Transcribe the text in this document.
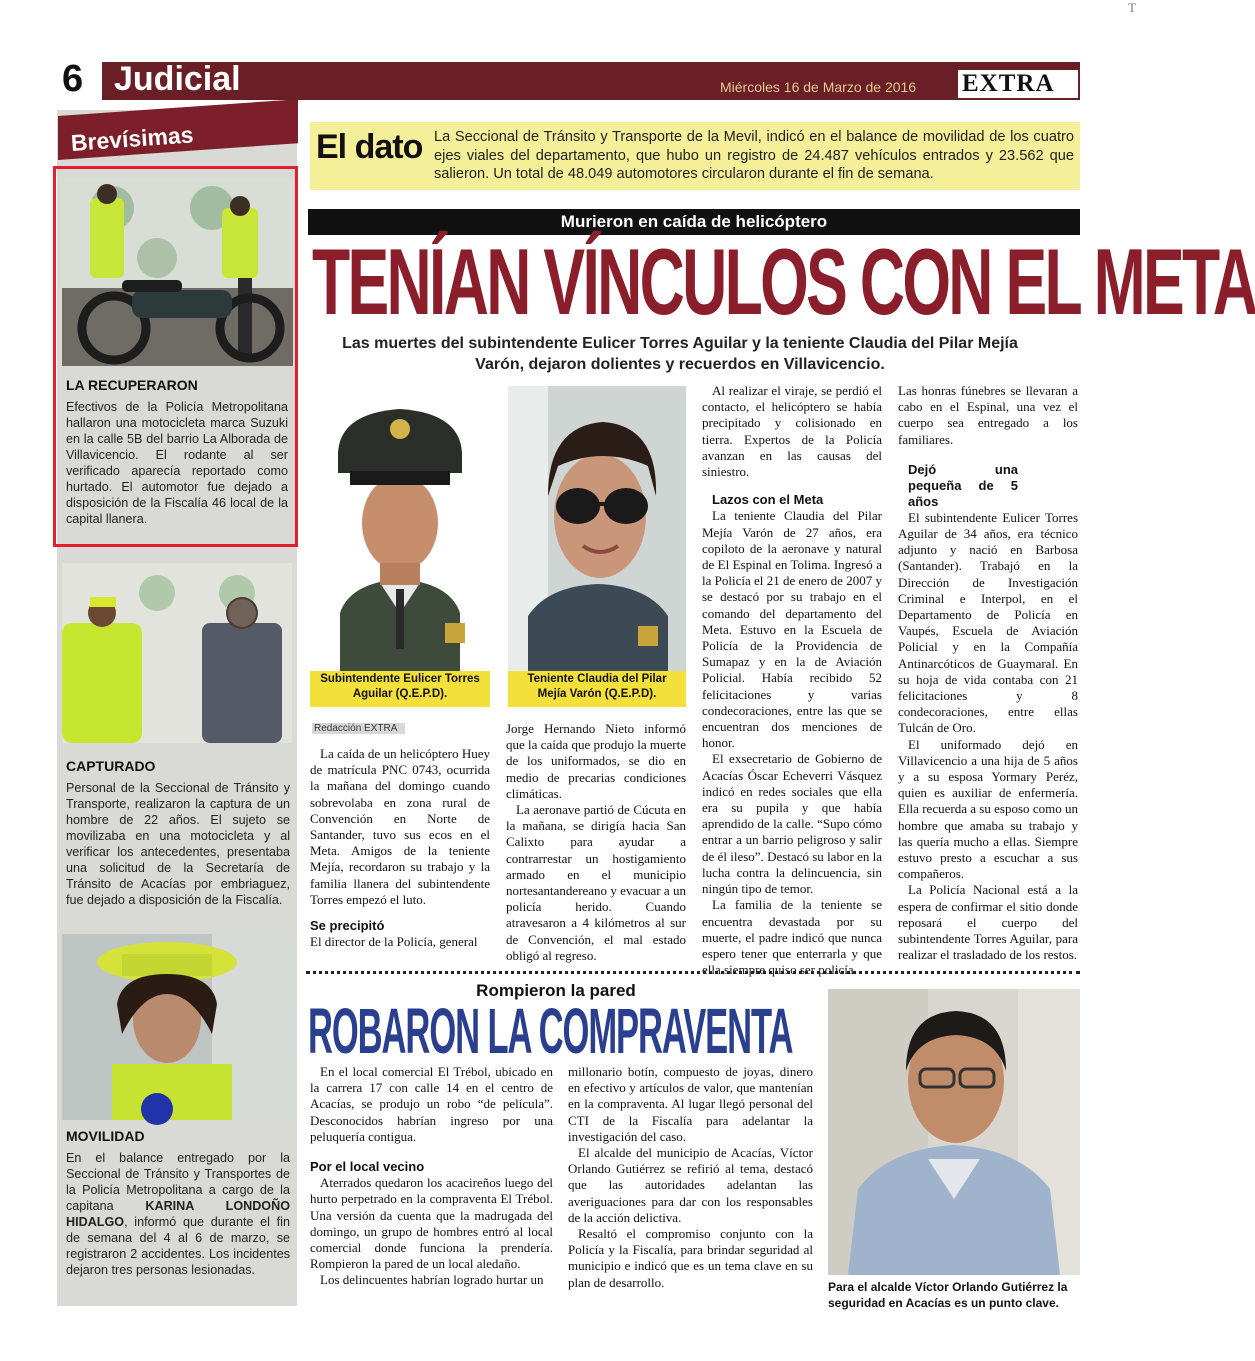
6 Judicial	Miércoles 16 de Marzo de 2016 EXTRA
T
Brevísimas
LA RECUPERARON
Efectivos de la Policía Metropolitana hallaron una motocicleta marca Suzuki en la calle 5B del barrio La Alborada de Villavicencio. El rodante al ser verificado aparecía reportado como hurtado. El automotor fue dejado a disposición de la Fiscalía 46 local de la capital llanera.
CAPTURADO
Personal de la Seccional de Tránsito y Transporte, realizaron la captura de un hombre de 22 años. El sujeto se movilizaba en una motocicleta y al verificar los antecedentes, presentaba una solicitud de la Secretaría de Tránsito de Acacías por embriaguez, fue dejado a disposición de la Fiscalía.
MOVILIDAD
En el balance entregado por la Seccional de Tránsito y Transportes de la Policía Metropolitana a cargo de la capitana KARINA LONDOÑO HIDALGO, informó que durante el fin de semana del 4 al 6 de marzo, se registraron 2 accidentes. Los incidentes dejaron tres personas lesionadas.
El dato La Seccional de Tránsito y Transporte de la Mevil, indicó en el balance de movilidad de los cuatro ejes viales del departamento, que hubo un registro de 24.487 vehículos entrados y 23.562 que salieron. Un total de 48.049 automotores circularon durante el fin de semana.
Murieron en caída de helicóptero
TENÍAN VÍNCULOS CON EL META
Las muertes del subintendente Eulicer Torres Aguilar y la teniente Claudia del Pilar Mejía Varón, dejaron dolientes y recuerdos en Villavicencio.
Subintendente Eulicer Torres Aguilar (Q.E.P.D).
Teniente Claudia del Pilar Mejía Varón (Q.E.P.D).
Redacción EXTRA

La caída de un helicóptero Huey de matrícula PNC 0743, ocurrida la mañana del domingo cuando sobrevolaba en zona rural de Convención en Norte de Santander, tuvo sus ecos en el Meta. Amigos de la teniente Mejía, recordaron su trabajo y la familia llanera del subintendente Torres empezó el luto.

Se precipitó

El director de la Policía, general

Jorge Hernando Nieto informó que la caída que produjo la muerte de los uniformados, se dio en medio de precarias condiciones climáticas.

La aeronave partió de Cúcuta en la mañana, se dirigía hacia San Calixto para ayudar a contrarrestar un hostigamiento armado en el municipio nortesantandereano y evacuar a un policía herido. Cuando atravesaron a 4 kilómetros al sur de Convención, el mal estado obligó al regreso.

Al realizar el viraje, se perdió el contacto, el helicóptero se había precipitado y colisionado en tierra. Expertos de la Policía avanzan en las causas del siniestro.

Lazos con el Meta

La teniente Claudia del Pilar Mejía Varón de 27 años, era copiloto de la aeronave y natural de El Espinal en Tolima. Ingresó a la Policía el 21 de enero de 2007 y se destacó por su trabajo en el comando del departamento del Meta. Estuvo en la Escuela de Policía de la Providencia de Sumapaz y en la de Aviación Policial. Había recibido 52 felicitaciones y varias condecoraciones, entre las que se encuentran dos menciones de honor.

El exsecretario de Gobierno de Acacías Óscar Echeverri Vásquez indicó en redes sociales que ella era su pupila y que había aprendido de la calle. “Supo cómo entrar a un barrio peligroso y salir de él ileso”. Destacó su labor en la lucha contra la delincuencia, sin ningún tipo de temor.

La familia de la teniente se encuentra devastada por su muerte, el padre indicó que nunca espero tener que enterrarla y que ella siempre quiso ser policía.

Las honras fúnebres se llevaran a cabo en el Espinal, una vez el cuerpo sea entregado a los familiares.

Dejó una pequeña de 5 años

El subintendente Eulicer Torres Aguilar de 34 años, era técnico adjunto y nació en Barbosa (Santander). Trabajó en la Dirección de Investigación Criminal e Interpol, en el Departamento de Policía en Vaupés, Escuela de Aviación Policial y en la Compañía Antinarcóticos de Guaymaral. En su hoja de vida contaba con 21 felicitaciones y 8 condecoraciones, entre ellas Tulcán de Oro.

El uniformado dejó en Villavicencio a una hija de 5 años y a su esposa Yormary Peréz, quien es auxiliar de enfermería. Ella recuerda a su esposo como un hombre que amaba su trabajo y las quería mucho a ellas. Siempre estuvo presto a escuchar a sus compañeros.

La Policía Nacional está a la espera de confirmar el sitio donde reposará el cuerpo del subintendente Torres Aguilar, para realizar el trasladado de los restos.

Rompieron la pared
ROBARON LA COMPRAVENTA

En el local comercial El Trébol, ubicado en la carrera 17 con calle 14 en el centro de Acacías, se produjo un robo “de película”. Desconocidos habrían ingreso por una peluquería contigua.

Por el local vecino

Aterrados quedaron los acacireños luego del hurto perpetrado en la compraventa El Trébol. Una versión da cuenta que la madrugada del domingo, un grupo de hombres entró al local comercial donde funciona la prendería. Rompieron la pared de un local aledaño.

Los delincuentes habrían logrado hurtar un

millonario botín, compuesto de joyas, dinero en efectivo y artículos de valor, que mantenían en la compraventa. Al lugar llegó personal del CTI de la Fiscalía para adelantar la investigación del caso.

El alcalde del municipio de Acacías, Víctor Orlando Gutiérrez se refirió al tema, destacó que las autoridades adelantan las averiguaciones para dar con los responsables de la acción delictiva.

Resaltó el compromiso conjunto con la Policía y la Fiscalía, para brindar seguridad al municipio e indicó que es un tema clave en su plan de desarrollo.	Para el alcalde Víctor Orlando Gutiérrez la seguridad en Acacías es un punto clave.
